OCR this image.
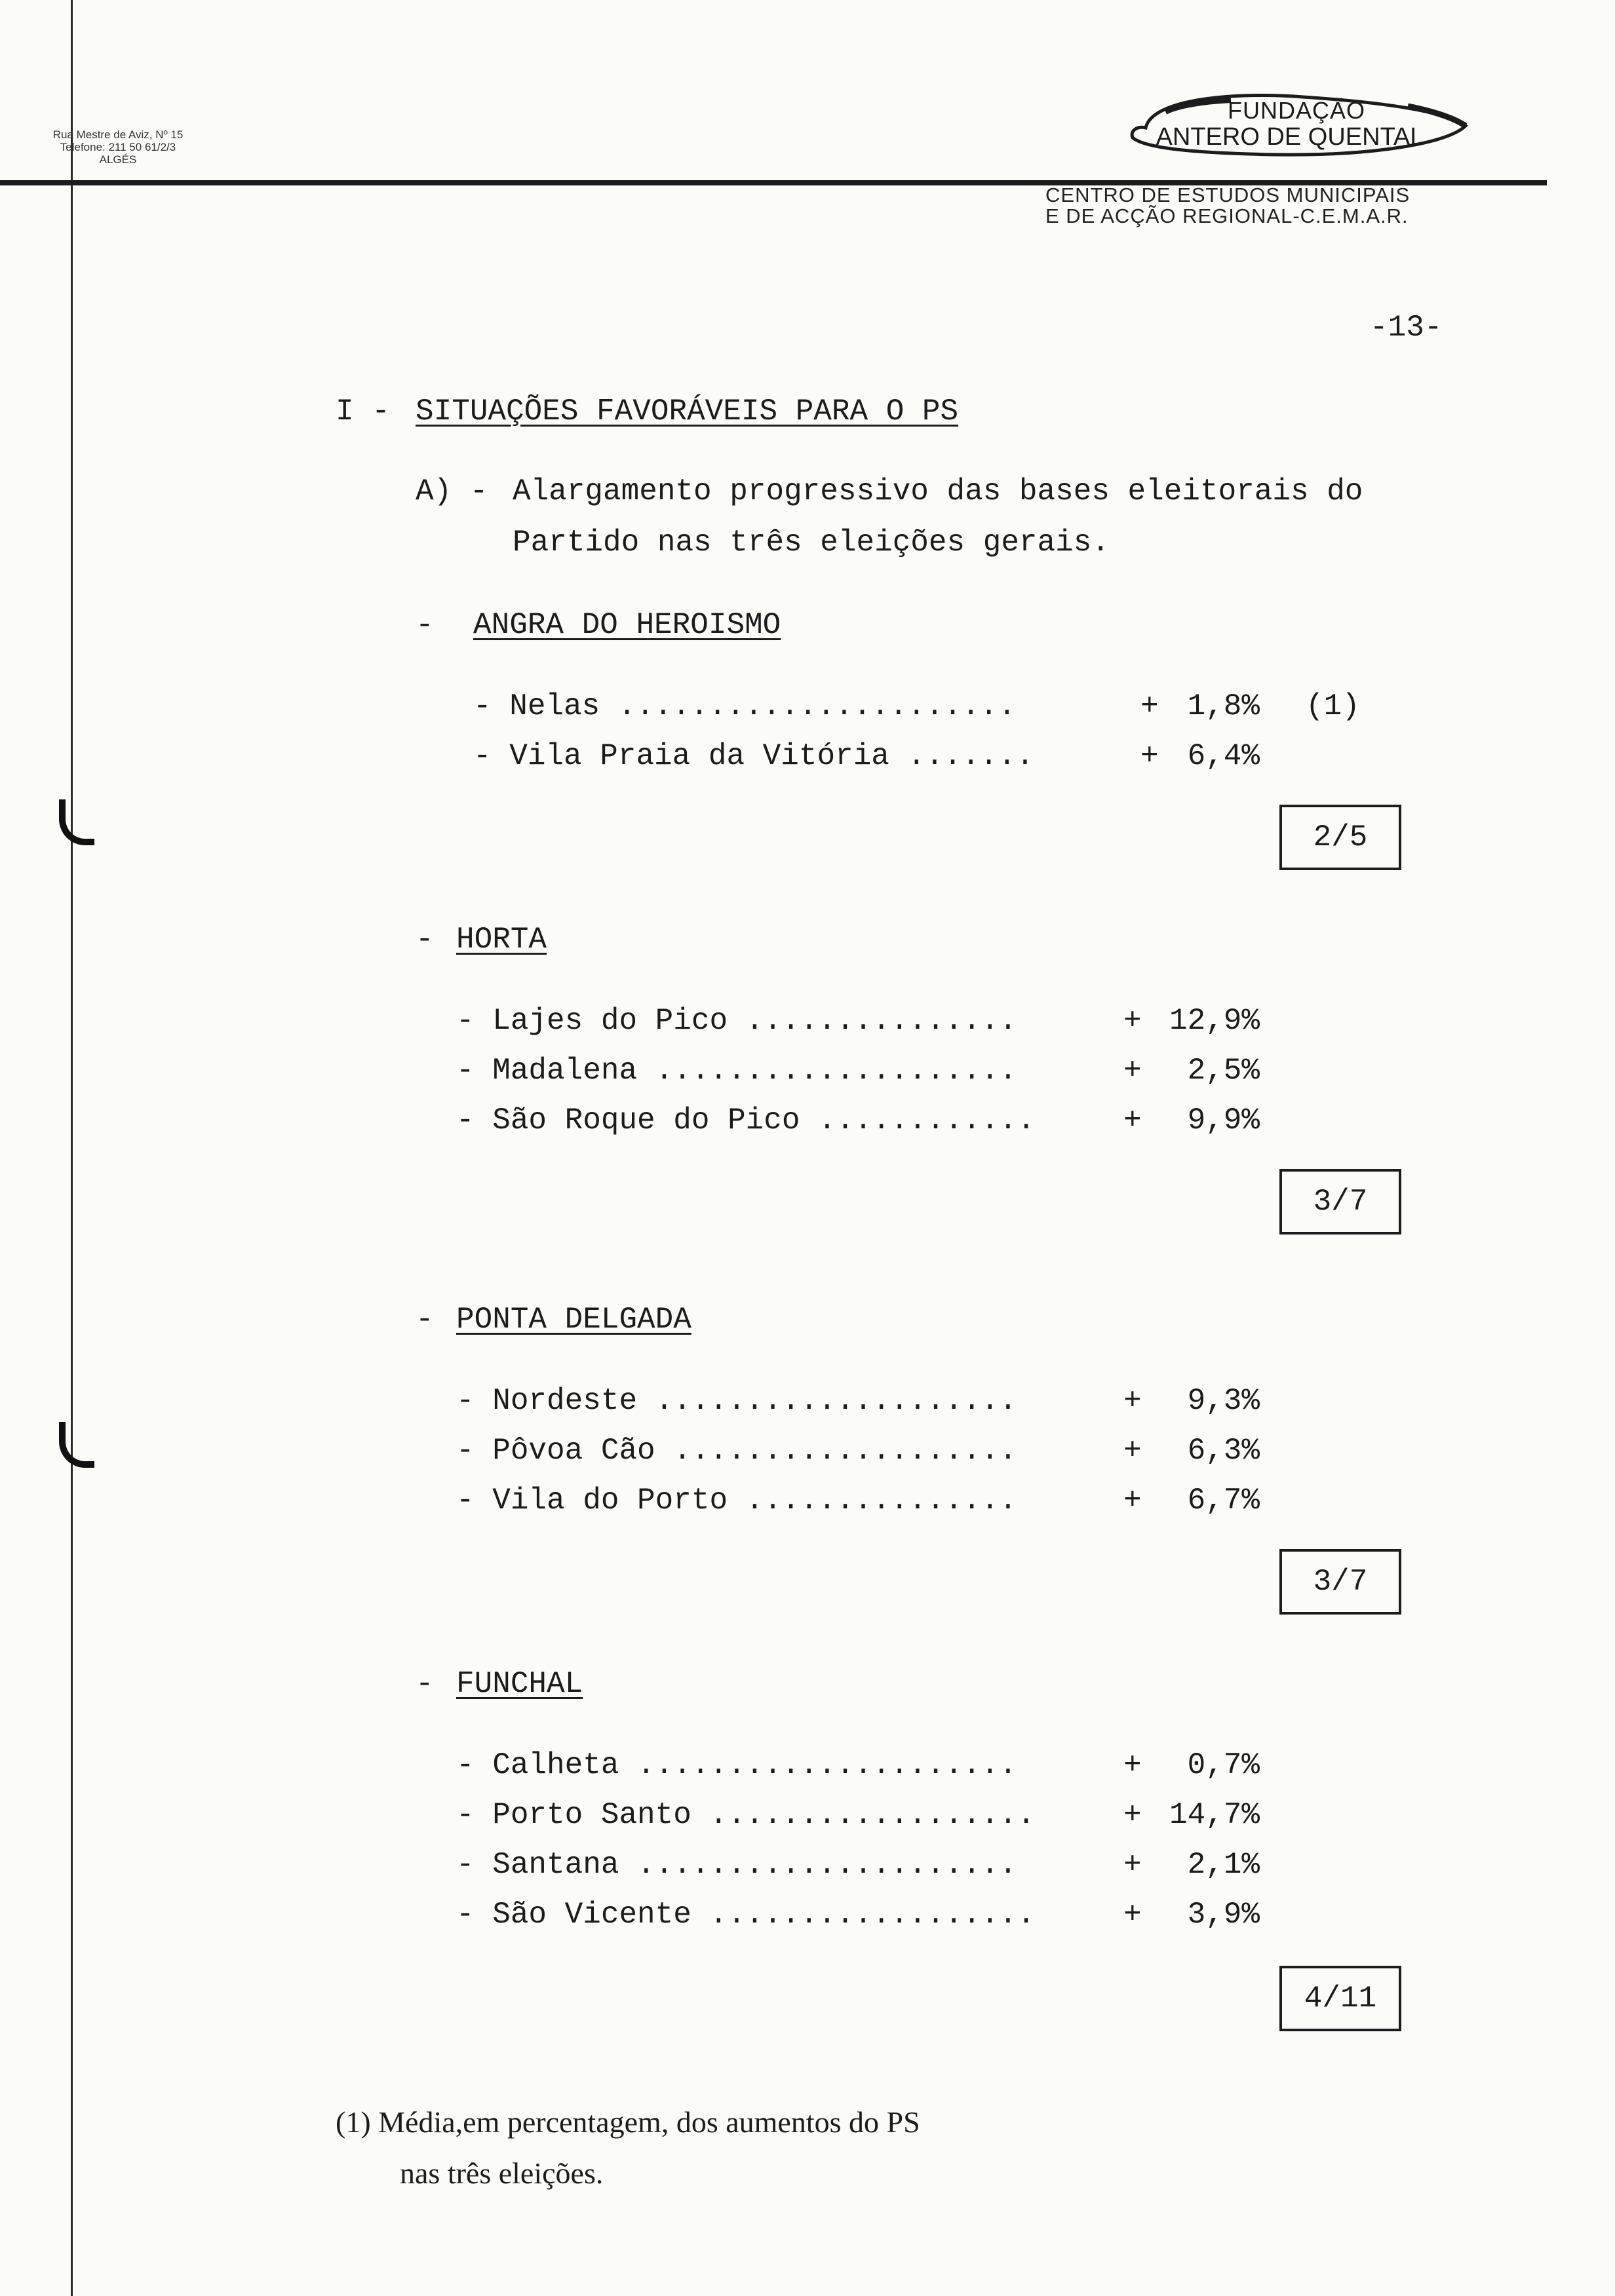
Rua Mestre de Aviz, Nº 15
Telefone: 211 50 61/2/3
ALGÉS
FUNDAÇÃO
ANTERO DE QUENTAL
CENTRO DE ESTUDOS MUNICIPAIS
E DE ACÇÃO REGIONAL-C.E.M.A.R.
-13-
I - SITUAÇÕES FAVORÁVEIS PARA O PS
A) - Alargamento progressivo das bases eleitorais do
Partido nas três eleições gerais.
- ANGRA DO HEROISMO
- Nelas ......................	+ 1,8% (1)
- Vila Praia da Vitória .......	+ 6,4%
2/5
- HORTA
- Lajes do Pico ...............	+ 12,9%
- Madalena ....................	+	2,5%
- São Roque do Pico ............	+	9,9%
3/7
- PONTA DELGADA
- Nordeste ....................	+	9,3%
- Pôvoa Cão ...................	+	6,3%
- Vila do Porto ...............	+	6,7%
3/7
- FUNCHAL
- Calheta .....................	+	0,7%
- Porto Santo ..................	+ 14,7%
- Santana .....................	+	2,1%
- São Vicente ..................	+	3,9%
4/11
(1) Média,em percentagem, dos aumentos do PS
nas três eleições.
